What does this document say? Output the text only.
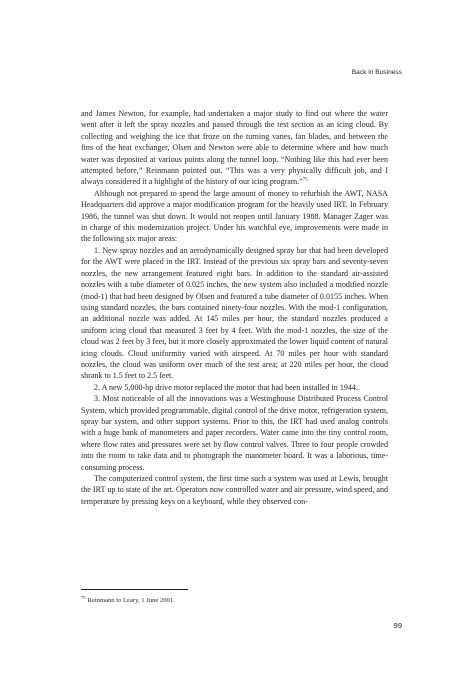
Back in Business

and James Newton, for example, had undertaken a major study to find out where the water went after it left the spray nozzles and passed through the test section as an icing cloud. By collecting and weighing the ice that froze on the turning vanes, fan blades, and between the fins of the heat exchanger, Olsen and Newton were able to determine where and how much water was deposited at various points along the tunnel loop. “Nothing like this had ever been attempted before,” Reinmann pointed out. “This was a very physically difficult job, and I always considered it a highlight of the history of our icing program.”$^{75}$

Although not prepared to spend the large amount of money to refurbish the AWT, NASA Headquarters did approve a major modification program for the heavily used IRT. In February 1986, the tunnel was shut down. It would not reopen until January 1988. Manager Zager was in charge of this modernization project. Under his watchful eye, improvements were made in the following six major areas:

1. New spray nozzles and an aerodynamically designed spray bar that had been developed for the AWT were placed in the IRT. Instead of the previous six spray bars and seventy-seven nozzles, the new arrangement featured eight bars. In addition to the standard air-assisted nozzles with a tube diameter of 0.025 inches, the new system also included a modified nozzle (mod-1) that had been designed by Olsen and featured a tube diameter of 0.0155 inches. When using standard nozzles, the bars contained ninety-four nozzles. With the mod-1 configuration, an additional nozzle was added. At 145 miles per hour, the standard nozzles produced a uniform icing cloud that measured 3 feet by 4 feet. With the mod-1 nozzles, the size of the cloud was 2 feet by 3 feet, but it more closely approximated the lower liquid content of natural icing clouds. Cloud uniformity varied with airspeed. At 70 miles per hour with standard nozzles, the cloud was uniform over much of the test area; at 220 miles per hour, the cloud shrank to 1.5 feet to 2.5 feet.

2. A new 5,000-hp drive motor replaced the motor that had been installed in 1944.

3. Most noticeable of all the innovations was a Westinghouse Distributed Process Control System, which provided programmable, digital control of the drive motor, refrigeration system, spray bar system, and other support systems. Prior to this, the IRT had used analog controls with a huge bank of manometers and paper recorders. Water came into the tiny control room, where flow rates and pressures were set by flow control valves. Three to four people crowded into the room to take data and to photograph the manometer board. It was a laborious, time-consuming process.

The computerized control system, the first time such a system was used at Lewis, brought the IRT up to state of the art. Operators now controlled water and air pressure, wind speed, and temperature by pressing keys on a keyboard, while they observed con-

$^{75}$ Reinmann to Leary, 1 June 2001.
99
